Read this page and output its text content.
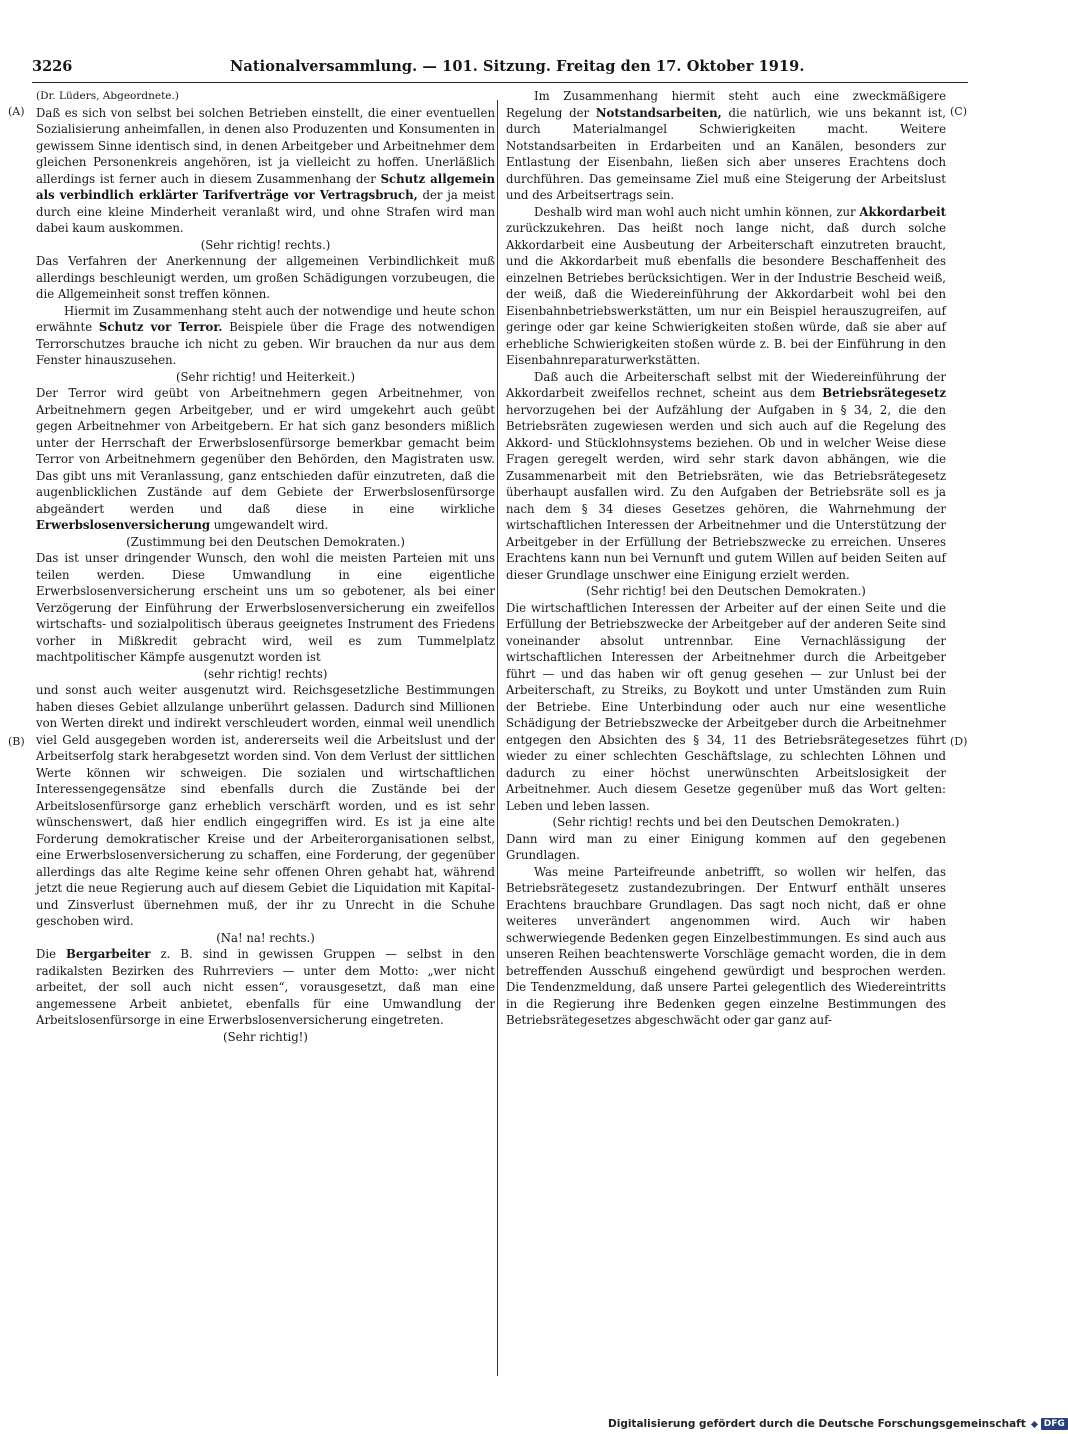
3226	Nationalversammlung. — 101. Sitzung. Freitag den 17. Oktober 1919.
(A)
(B)
(C)
(D)

(Dr. Lüders, Abgeordnete.)

Daß es sich von selbst bei solchen Betrieben einstellt, die einer eventuellen Sozialisierung anheimfallen, in denen also Produzenten und Konsumenten in gewissem Sinne identisch sind, in denen Arbeitgeber und Arbeitnehmer dem gleichen Personenkreis angehören, ist ja vielleicht zu hoffen. Unerläßlich allerdings ist ferner auch in diesem Zusammenhang der Schutz allgemein als verbindlich erklärter Tarifverträge vor Vertragsbruch, der ja meist durch eine kleine Minderheit veranlaßt wird, und ohne Strafen wird man dabei kaum auskommen.

(Sehr richtig! rechts.)

Das Verfahren der Anerkennung der allgemeinen Verbindlichkeit muß allerdings beschleunigt werden, um großen Schädigungen vorzubeugen, die die Allgemeinheit sonst treffen können.

Hiermit im Zusammenhang steht auch der notwendige und heute schon erwähnte Schutz vor Terror. Beispiele über die Frage des notwendigen Terrorschutzes brauche ich nicht zu geben. Wir brauchen da nur aus dem Fenster hinauszusehen.

(Sehr richtig! und Heiterkeit.)

Der Terror wird geübt von Arbeitnehmern gegen Arbeitnehmer, von Arbeitnehmern gegen Arbeitgeber, und er wird umgekehrt auch geübt gegen Arbeitnehmer von Arbeitgebern. Er hat sich ganz besonders mißlich unter der Herrschaft der Erwerbslosenfürsorge bemerkbar gemacht beim Terror von Arbeitnehmern gegenüber den Behörden, den Magistraten usw. Das gibt uns mit Veranlassung, ganz entschieden dafür einzutreten, daß die augenblicklichen Zustände auf dem Gebiete der Erwerbslosenfürsorge abgeändert werden und daß diese in eine wirkliche Erwerbslosenversicherung umgewandelt wird.

(Zustimmung bei den Deutschen Demokraten.)

Das ist unser dringender Wunsch, den wohl die meisten Parteien mit uns teilen werden. Diese Umwandlung in eine eigentliche Erwerbslosenversicherung erscheint uns um so gebotener, als bei einer Verzögerung der Einführung der Erwerbslosenversicherung ein zweifellos wirtschafts- und sozialpolitisch überaus geeignetes Instrument des Friedens vorher in Mißkredit gebracht wird, weil es zum Tummelplatz machtpolitischer Kämpfe ausgenutzt worden ist

(sehr richtig! rechts)

und sonst auch weiter ausgenutzt wird. Reichsgesetzliche Bestimmungen haben dieses Gebiet allzulange unberührt gelassen. Dadurch sind Millionen von Werten direkt und indirekt verschleudert worden, einmal weil unendlich viel Geld ausgegeben worden ist, andererseits weil die Arbeitslust und der Arbeitserfolg stark herabgesetzt worden sind. Von dem Verlust der sittlichen Werte können wir schweigen. Die sozialen und wirtschaftlichen Interessengegensätze sind ebenfalls durch die Zustände bei der Arbeitslosenfürsorge ganz erheblich verschärft worden, und es ist sehr wünschenswert, daß hier endlich eingegriffen wird. Es ist ja eine alte Forderung demokratischer Kreise und der Arbeiterorganisationen selbst, eine Erwerbslosenversicherung zu schaffen, eine Forderung, der gegenüber allerdings das alte Regime keine sehr offenen Ohren gehabt hat, während jetzt die neue Regierung auch auf diesem Gebiet die Liquidation mit Kapital- und Zinsverlust übernehmen muß, der ihr zu Unrecht in die Schuhe geschoben wird.

(Na! na! rechts.)

Die Bergarbeiter z. B. sind in gewissen Gruppen — selbst in den radikalsten Bezirken des Ruhrreviers — unter dem Motto: „wer nicht arbeitet, der soll auch nicht essen“, vorausgesetzt, daß man eine angemessene Arbeit anbietet, ebenfalls für eine Umwandlung der Arbeitslosenfürsorge in eine Erwerbslosenversicherung eingetreten.

(Sehr richtig!)

Im Zusammenhang hiermit steht auch eine zweckmäßigere Regelung der Notstandsarbeiten, die natürlich, wie uns bekannt ist, durch Materialmangel Schwierigkeiten macht. Weitere Notstandsarbeiten in Erdarbeiten und an Kanälen, besonders zur Entlastung der Eisenbahn, ließen sich aber unseres Erachtens doch durchführen. Das gemeinsame Ziel muß eine Steigerung der Arbeitslust und des Arbeitsertrags sein.

Deshalb wird man wohl auch nicht umhin können, zur Akkordarbeit zurückzukehren. Das heißt noch lange nicht, daß durch solche Akkordarbeit eine Ausbeutung der Arbeiterschaft einzutreten braucht, und die Akkordarbeit muß ebenfalls die besondere Beschaffenheit des einzelnen Betriebes berücksichtigen. Wer in der Industrie Bescheid weiß, der weiß, daß die Wiedereinführung der Akkordarbeit wohl bei den Eisenbahnbetriebswerkstätten, um nur ein Beispiel herauszugreifen, auf geringe oder gar keine Schwierigkeiten stoßen würde, daß sie aber auf erhebliche Schwierigkeiten stoßen würde z. B. bei der Einführung in den Eisenbahnreparaturwerkstätten.

Daß auch die Arbeiterschaft selbst mit der Wiedereinführung der Akkordarbeit zweifellos rechnet, scheint aus dem Betriebsrätegesetz hervorzugehen bei der Aufzählung der Aufgaben in § 34, 2, die den Betriebsräten zugewiesen werden und sich auch auf die Regelung des Akkord- und Stücklohnsystems beziehen. Ob und in welcher Weise diese Fragen geregelt werden, wird sehr stark davon abhängen, wie die Zusammenarbeit mit den Betriebsräten, wie das Betriebsrätegesetz überhaupt ausfallen wird. Zu den Aufgaben der Betriebsräte soll es ja nach dem § 34 dieses Gesetzes gehören, die Wahrnehmung der wirtschaftlichen Interessen der Arbeitnehmer und die Unterstützung der Arbeitgeber in der Erfüllung der Betriebszwecke zu erreichen. Unseres Erachtens kann nun bei Vernunft und gutem Willen auf beiden Seiten auf dieser Grundlage unschwer eine Einigung erzielt werden.

(Sehr richtig! bei den Deutschen Demokraten.)

Die wirtschaftlichen Interessen der Arbeiter auf der einen Seite und die Erfüllung der Betriebszwecke der Arbeitgeber auf der anderen Seite sind voneinander absolut untrennbar. Eine Vernachlässigung der wirtschaftlichen Interessen der Arbeitnehmer durch die Arbeitgeber führt — und das haben wir oft genug gesehen — zur Unlust bei der Arbeiterschaft, zu Streiks, zu Boykott und unter Umständen zum Ruin der Betriebe. Eine Unterbindung oder auch nur eine wesentliche Schädigung der Betriebszwecke der Arbeitgeber durch die Arbeitnehmer entgegen den Absichten des § 34, 11 des Betriebsrätegesetzes führt wieder zu einer schlechten Geschäftslage, zu schlechten Löhnen und dadurch zu einer höchst unerwünschten Arbeitslosigkeit der Arbeitnehmer. Auch diesem Gesetze gegenüber muß das Wort gelten: Leben und leben lassen.

(Sehr richtig! rechts und bei den Deutschen Demokraten.)

Dann wird man zu einer Einigung kommen auf den gegebenen Grundlagen.

Was meine Parteifreunde anbetrifft, so wollen wir helfen, das Betriebsrätegesetz zustandezubringen. Der Entwurf enthält unseres Erachtens brauchbare Grundlagen. Das sagt noch nicht, daß er ohne weiteres unverändert angenommen wird. Auch wir haben schwerwiegende Bedenken gegen Einzelbestimmungen. Es sind auch aus unseren Reihen beachtenswerte Vorschläge gemacht worden, die in dem betreffenden Ausschuß eingehend gewürdigt und besprochen werden. Die Tendenzmeldung, daß unsere Partei gelegentlich des Wiedereintritts in die Regierung ihre Bedenken gegen einzelne Bestimmungen des Betriebsrätegesetzes abgeschwächt oder gar ganz auf-

Digitalisierung gefördert durch die Deutsche Forschungsgemeinschaft	DFG
